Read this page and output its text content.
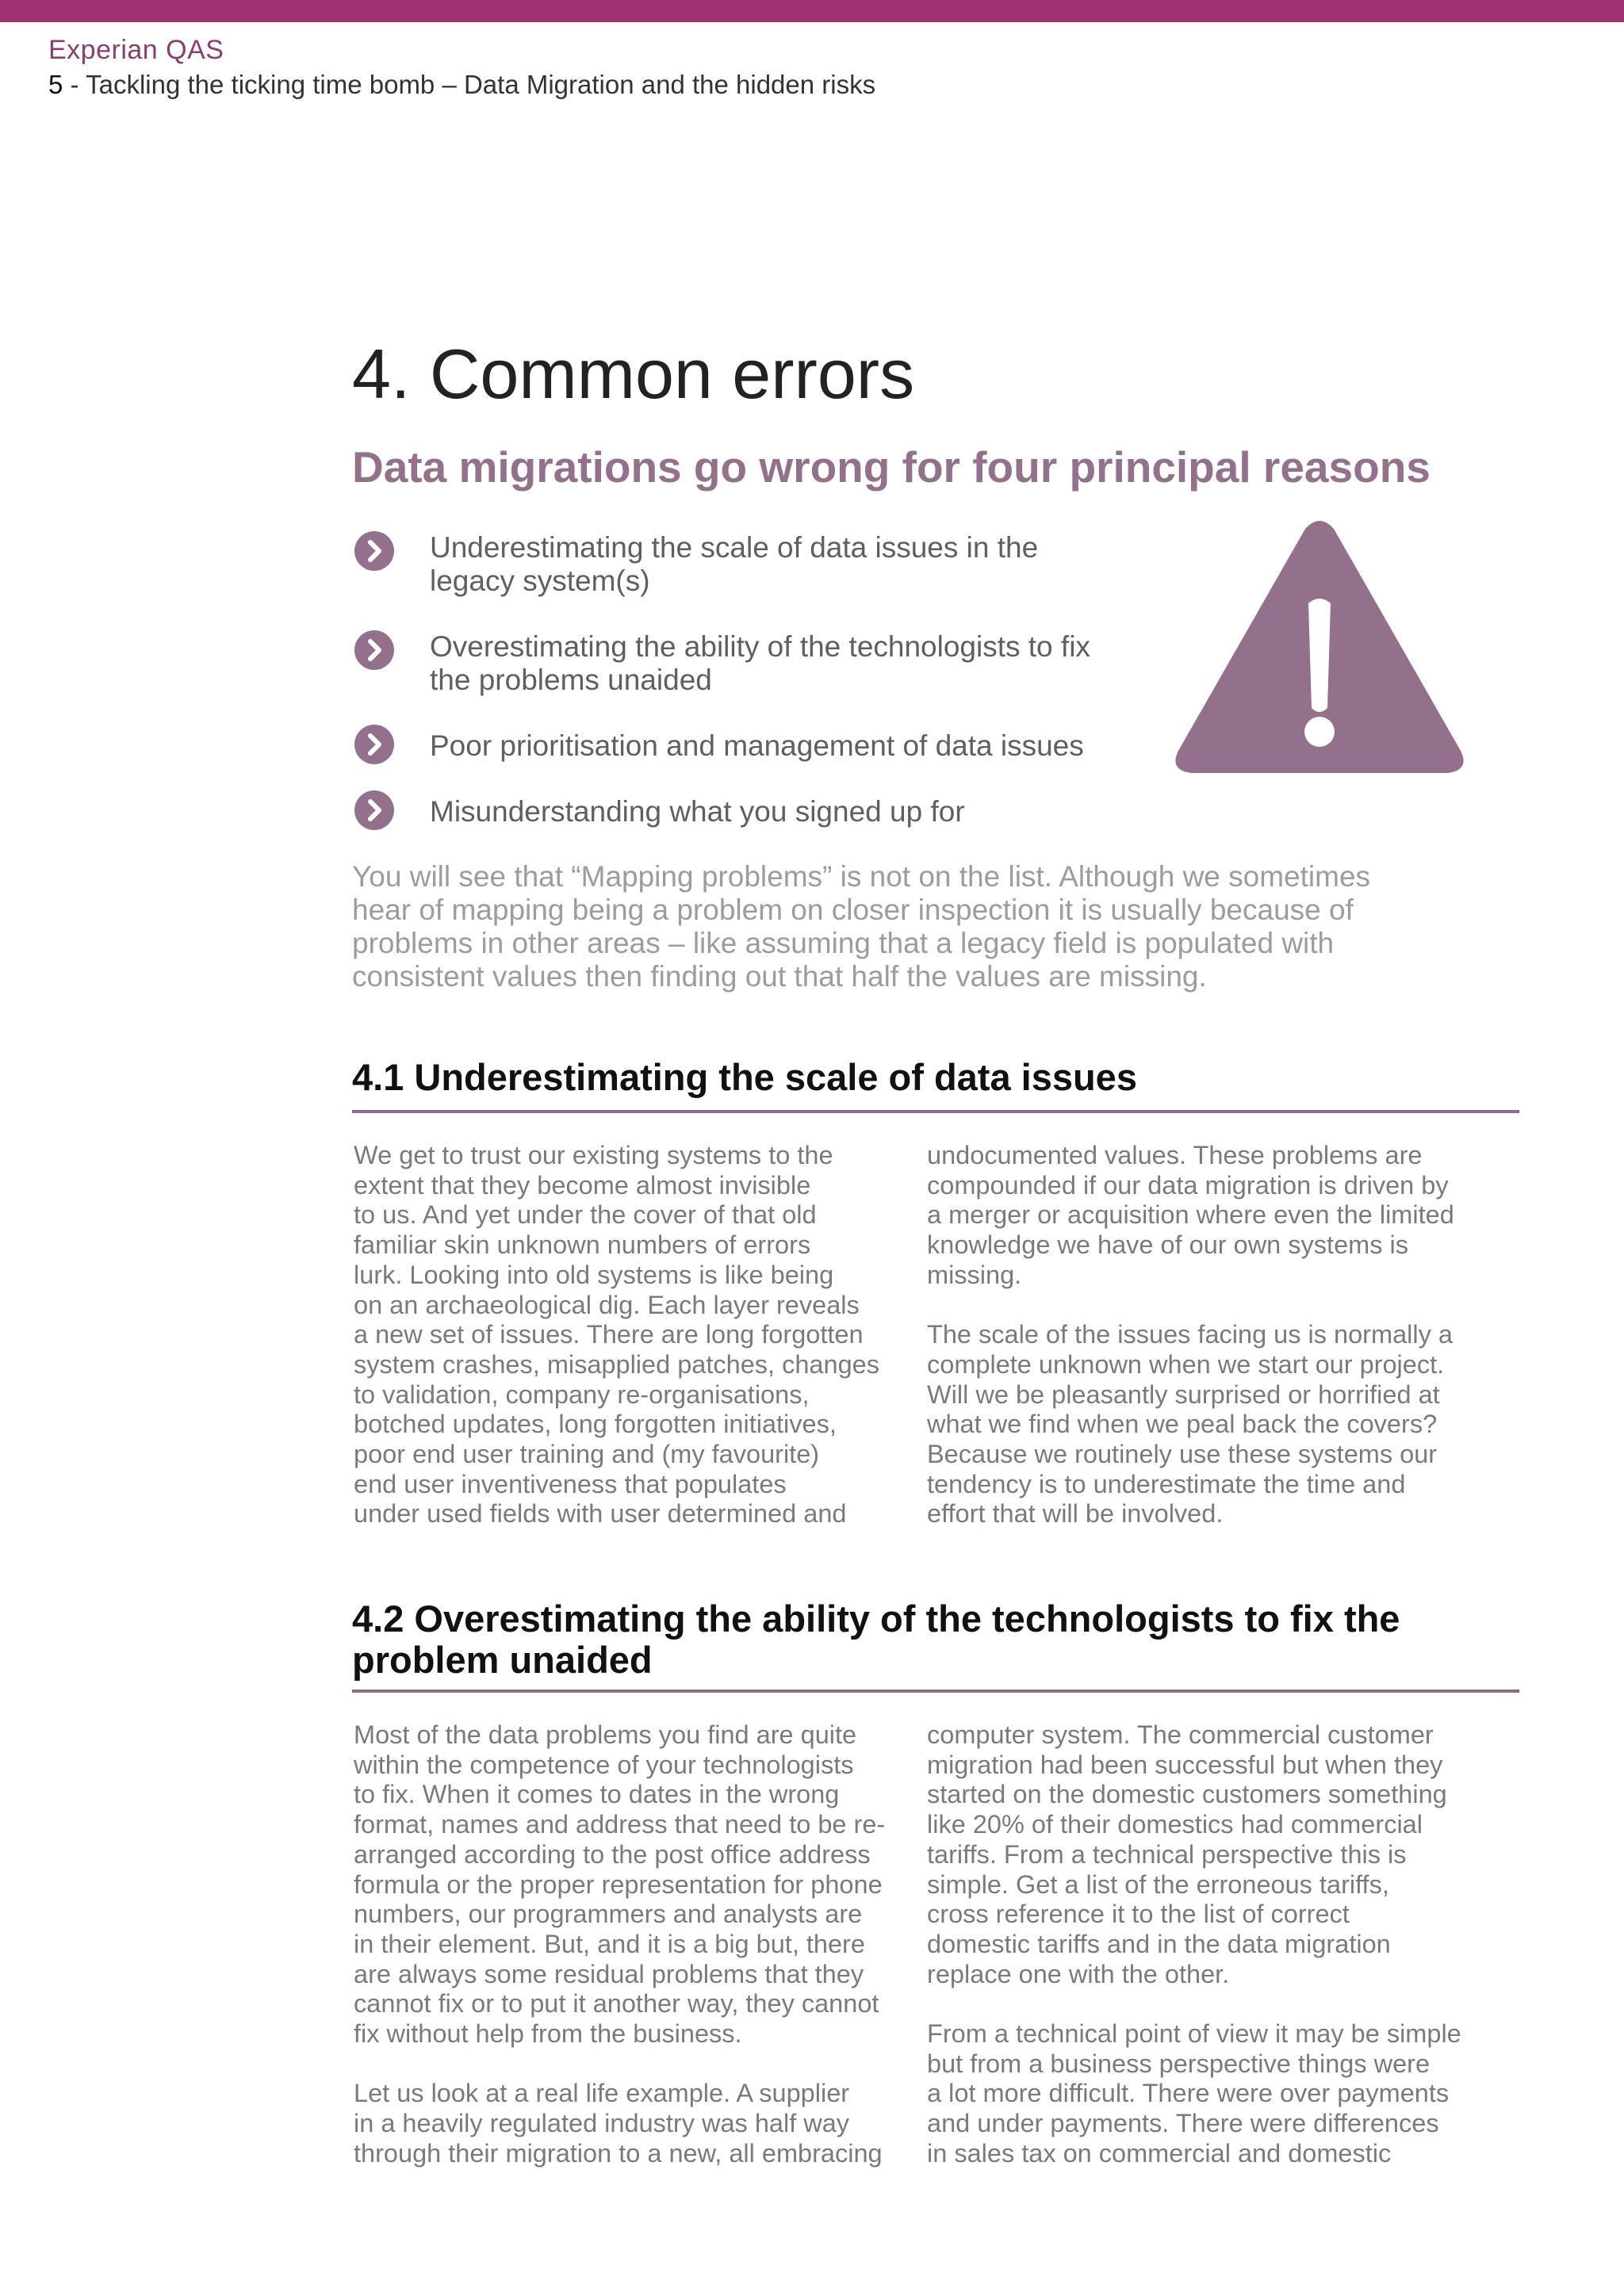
Experian QAS
5 - Tackling the ticking time bomb – Data Migration and the hidden risks
4. Common errors
Data migrations go wrong for four principal reasons
Underestimating the scale of data issues in the
legacy system(s)
Overestimating the ability of the technologists to fix
the problems unaided
Poor prioritisation and management of data issues
Misunderstanding what you signed up for
You will see that “Mapping problems” is not on the list. Although we sometimes
hear of mapping being a problem on closer inspection it is usually because of
problems in other areas – like assuming that a legacy field is populated with
consistent values then finding out that half the values are missing.
4.1 Underestimating the scale of data issues

We get to trust our existing systems to the
extent that they become almost invisible
to us. And yet under the cover of that old
familiar skin unknown numbers of errors
lurk. Looking into old systems is like being
on an archaeological dig. Each layer reveals
a new set of issues. There are long forgotten
system crashes, misapplied patches, changes
to validation, company re-organisations,
botched updates, long forgotten initiatives,
poor end user training and (my favourite)
end user inventiveness that populates
under used fields with user determined and

undocumented values. These problems are
compounded if our data migration is driven by
a merger or acquisition where even the limited
knowledge we have of our own systems is
missing.

The scale of the issues facing us is normally a
complete unknown when we start our project.
Will we be pleasantly surprised or horrified at
what we find when we peal back the covers?
Because we routinely use these systems our
tendency is to underestimate the time and
effort that will be involved.

4.2 Overestimating the ability of the technologists to fix the
problem unaided

Most of the data problems you find are quite
within the competence of your technologists
to fix. When it comes to dates in the wrong
format, names and address that need to be re-
arranged according to the post office address
formula or the proper representation for phone
numbers, our programmers and analysts are
in their element. But, and it is a big but, there
are always some residual problems that they
cannot fix or to put it another way, they cannot
fix without help from the business.

Let us look at a real life example. A supplier
in a heavily regulated industry was half way
through their migration to a new, all embracing

computer system. The commercial customer
migration had been successful but when they
started on the domestic customers something
like 20% of their domestics had commercial
tariffs. From a technical perspective this is
simple. Get a list of the erroneous tariffs,
cross reference it to the list of correct
domestic tariffs and in the data migration
replace one with the other.

From a technical point of view it may be simple
but from a business perspective things were
a lot more difficult. There were over payments
and under payments. There were differences
in sales tax on commercial and domestic
